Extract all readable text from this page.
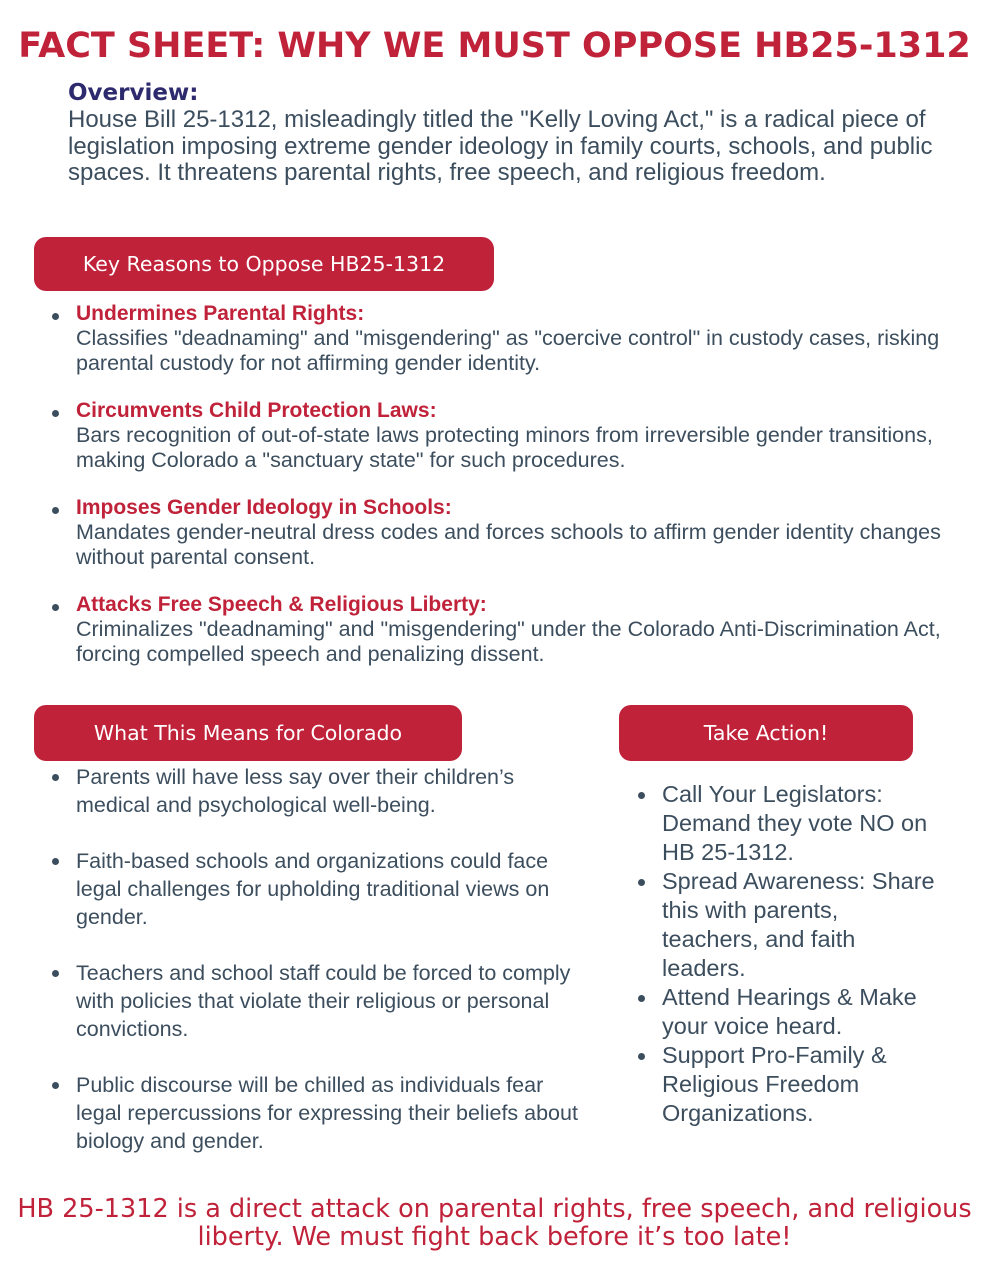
FACT SHEET: WHY WE MUST OPPOSE HB25-1312
Overview:
House Bill 25-1312, misleadingly titled the "Kelly Loving Act," is a radical piece of legislation imposing extreme gender ideology in family courts, schools, and public spaces. It threatens parental rights, free speech, and religious freedom.
Key Reasons to Oppose HB25-1312
Undermines Parental Rights:
Classifies "deadnaming" and "misgendering" as "coercive control" in custody cases, risking parental custody for not affirming gender identity.
Circumvents Child Protection Laws:
Bars recognition of out-of-state laws protecting minors from irreversible gender transitions, making Colorado a "sanctuary state" for such procedures.
Imposes Gender Ideology in Schools:
Mandates gender-neutral dress codes and forces schools to affirm gender identity changes without parental consent.
Attacks Free Speech & Religious Liberty:
Criminalizes "deadnaming" and "misgendering" under the Colorado Anti-Discrimination Act, forcing compelled speech and penalizing dissent.
What This Means for Colorado	Take Action!
Parents will have less say over their children’s medical and psychological well-being.
Faith-based schools and organizations could face legal challenges for upholding traditional views on gender.
Teachers and school staff could be forced to comply with policies that violate their religious or personal convictions.
Public discourse will be chilled as individuals fear legal repercussions for expressing their beliefs about biology and gender.
Call Your Legislators: Demand they vote NO on HB 25-1312.
Spread Awareness: Share this with parents, teachers, and faith leaders.
Attend Hearings & Make your voice heard.
Support Pro-Family & Religious Freedom Organizations.
HB 25-1312 is a direct attack on parental rights, free speech, and religious liberty. We must fight back before it’s too late!
